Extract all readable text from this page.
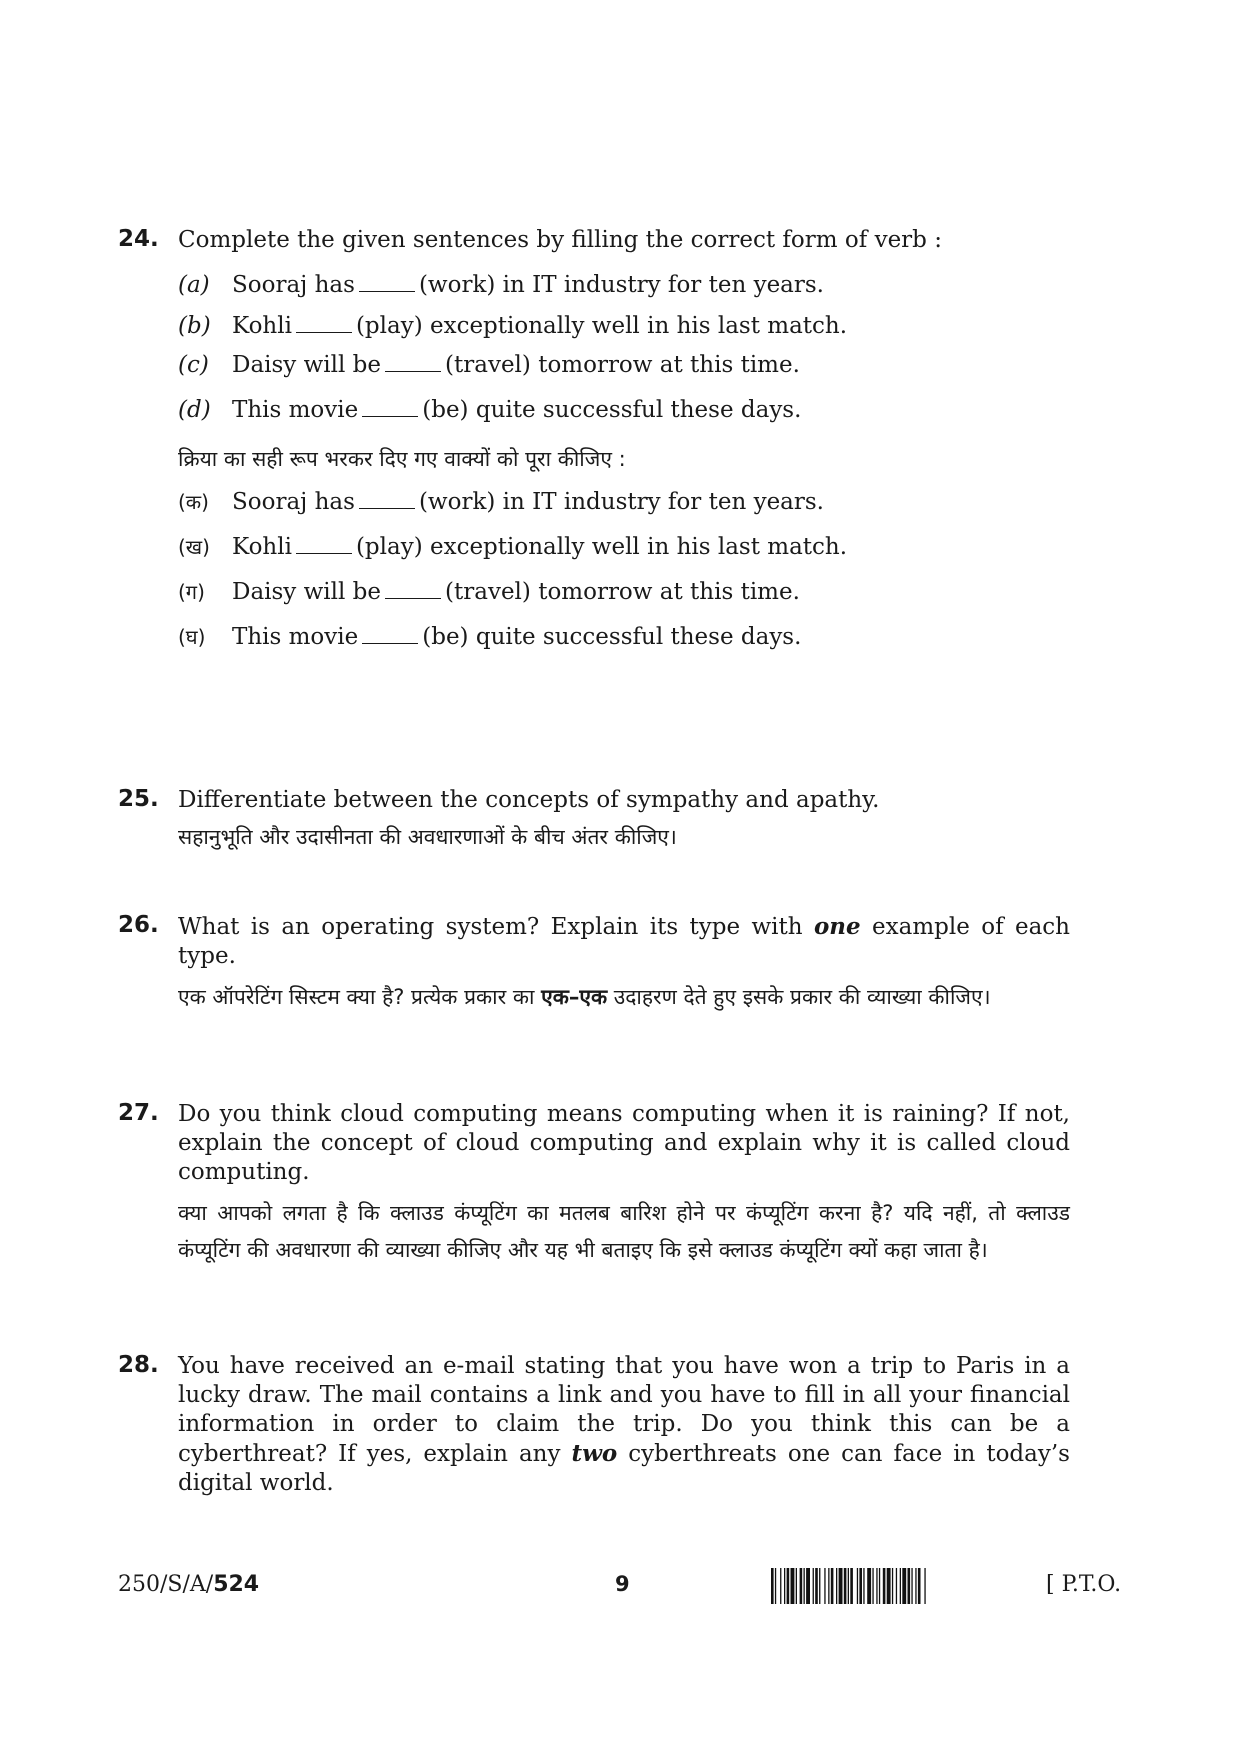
24. Complete the given sentences by filling the correct form of verb :
(a) Sooraj has	(work) in IT industry for ten years.
(b) Kohli	(play) exceptionally well in his last match.
(c) Daisy will be	(travel) tomorrow at this time.
(d) This movie	(be) quite successful these days.
क्रिया का सही रूप भरकर दिए गए वाक्यों को पूरा कीजिए :
(क) Sooraj has	(work) in IT industry for ten years.
(ख) Kohli	(play) exceptionally well in his last match.
(ग) Daisy will be	(travel) tomorrow at this time.
(घ) This movie	(be) quite successful these days.
25. Differentiate between the concepts of sympathy and apathy.
सहानुभूति और उदासीनता की अवधारणाओं के बीच अंतर कीजिए।
26. What is an operating system? Explain its type with one example of each type.
एक ऑपरेटिंग सिस्टम क्या है? प्रत्येक प्रकार का एक–एक उदाहरण देते हुए इसके प्रकार की व्याख्या कीजिए।
27. Do you think cloud computing means computing when it is raining? If not, explain the concept of cloud computing and explain why it is called cloud computing.
क्या आपको लगता है कि क्लाउड कंप्यूटिंग का मतलब बारिश होने पर कंप्यूटिंग करना है? यदि नहीं, तो क्लाउड कंप्यूटिंग की अवधारणा की व्याख्या कीजिए और यह भी बताइए कि इसे क्लाउड कंप्यूटिंग क्यों कहा जाता है।
28. You have received an e-mail stating that you have won a trip to Paris in a lucky draw. The mail contains a link and you have to fill in all your financial information in order to claim the trip. Do you think this can be a cyberthreat? If yes, explain any two cyberthreats one can face in today’s digital world.
250/S/A/524	9	[ P.T.O.
